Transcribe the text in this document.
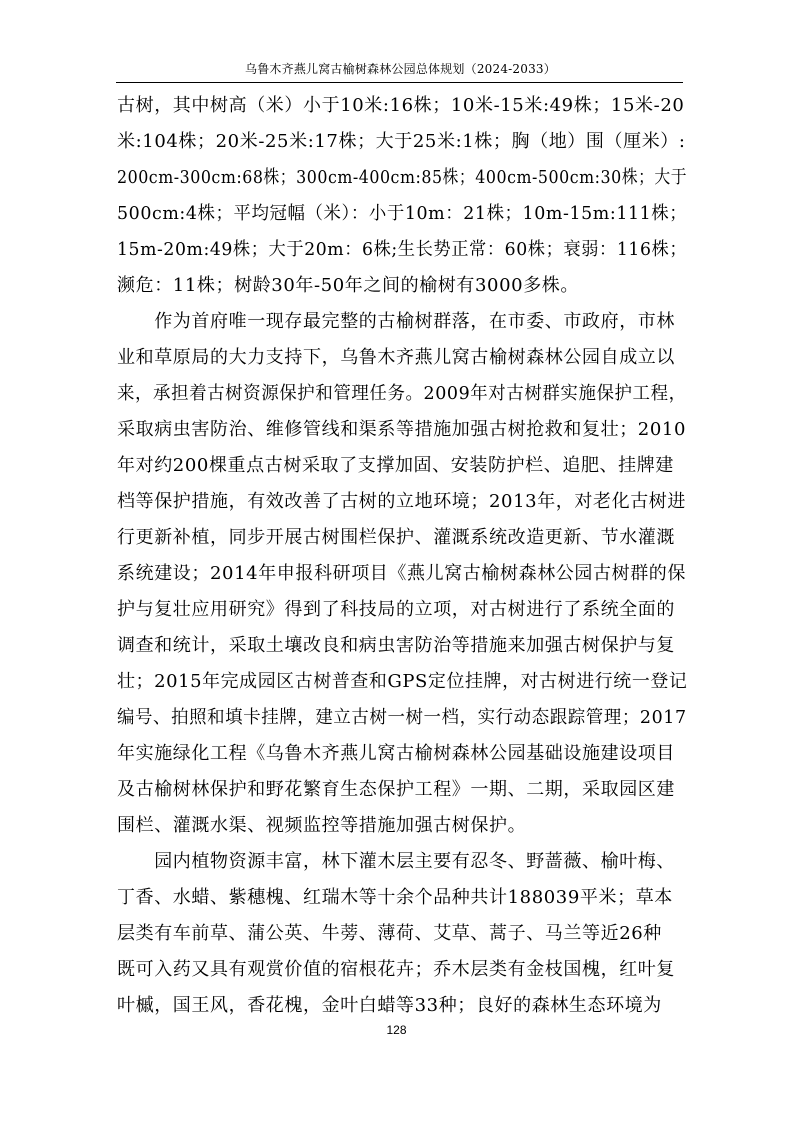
乌鲁木齐燕儿窝古榆树森林公园总体规划（2024-2033）
古树，其中树高（米）小于10米:16株；10米-15米:49株；15米-20
米:104株；20米-25米:17株；大于25米:1株；胸（地）围（厘米）:
200cm-300cm:68株；300cm-400cm:85株；400cm-500cm:30株；大于
500cm:4株；平均冠幅（米）：小于10m：21株；10m-15m:111株；
15m-20m:49株；大于20m：6株;生长势正常：60株；衰弱：116株；
濒危：11株；树龄30年-50年之间的榆树有3000多株。
　　作为首府唯一现存最完整的古榆树群落，在市委、市政府，市林
业和草原局的大力支持下，乌鲁木齐燕儿窝古榆树森林公园自成立以
来，承担着古树资源保护和管理任务。2009年对古树群实施保护工程，
采取病虫害防治、维修管线和渠系等措施加强古树抢救和复壮；2010
年对约200棵重点古树采取了支撑加固、安装防护栏、追肥、挂牌建
档等保护措施，有效改善了古树的立地环境；2013年，对老化古树进
行更新补植，同步开展古树围栏保护、灌溉系统改造更新、节水灌溉
系统建设；2014年申报科研项目《燕儿窝古榆树森林公园古树群的保
护与复壮应用研究》得到了科技局的立项，对古树进行了系统全面的
调查和统计，采取土壤改良和病虫害防治等措施来加强古树保护与复
壮；2015年完成园区古树普查和GPS定位挂牌，对古树进行统一登记
编号、拍照和填卡挂牌，建立古树一树一档，实行动态跟踪管理；2017
年实施绿化工程《乌鲁木齐燕儿窝古榆树森林公园基础设施建设项目
及古榆树林保护和野花繁育生态保护工程》一期、二期，采取园区建
围栏、灌溉水渠、视频监控等措施加强古树保护。
　　园内植物资源丰富，林下灌木层主要有忍冬、野蔷薇、榆叶梅、
丁香、水蜡、紫穗槐、红瑞木等十余个品种共计188039平米；草本
层类有车前草、蒲公英、牛蒡、薄荷、艾草、蒿子、马兰等近26种
既可入药又具有观赏价值的宿根花卉；乔木层类有金枝国槐，红叶复
叶槭，国王风，香花槐，金叶白蜡等33种；良好的森林生态环境为
128
